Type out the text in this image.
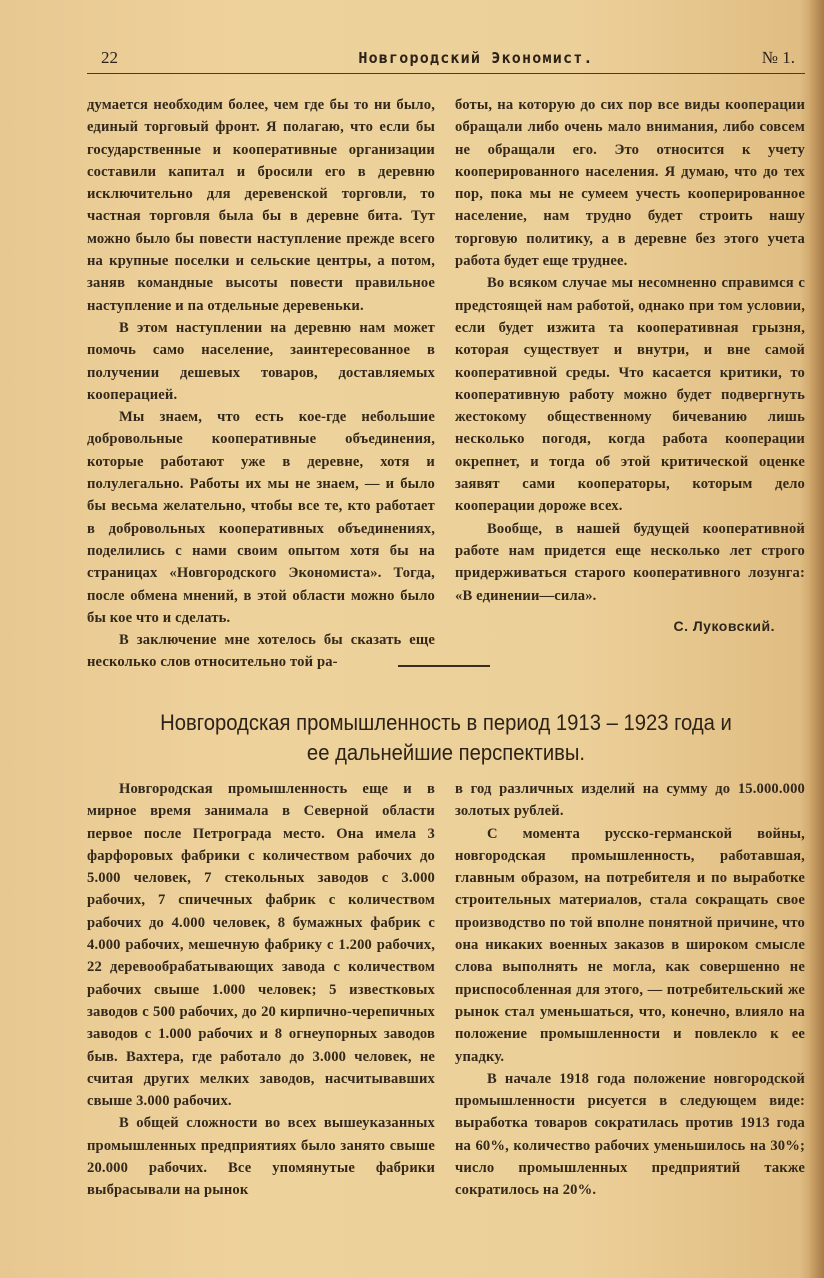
22	Новгородский Экономист.	№ 1.

думается необходим более, чем где бы то ни было, единый торговый фронт. Я полагаю, что если бы государственные и кооперативные организации составили капитал и бросили его в деревню исключительно для деревенской торговли, то частная торговля была бы в деревне бита. Тут можно было бы повести наступление прежде всего на крупные поселки и сельские центры, а потом, заняв командные высоты повести правильное наступление и па отдельные деревеньки.

В этом наступлении на деревню нам может помочь само население, заинтересованное в получении дешевых товаров, доставляемых кооперацией.

Мы знаем, что есть кое-где небольшие добровольные кооперативные объединения, которые работают уже в деревне, хотя и полулегально. Работы их мы не знаем, — и было бы весьма желательно, чтобы все те, кто работает в добровольных кооперативных объединениях, поделились с нами своим опытом хотя бы на страницах «Новгородского Экономиста». Тогда, после обмена мнений, в этой области можно было бы кое что и сделать.

В заключение мне хотелось бы сказать еще несколько слов относительно той ра-

боты, на которую до сих пор все виды кооперации обращали либо очень мало внимания, либо совсем не обращали его. Это относится к учету кооперированного населения. Я думаю, что до тех пор, пока мы не сумеем учесть кооперированное население, нам трудно будет строить нашу торговую политику, а в деревне без этого учета работа будет еще труднее.

Во всяком случае мы несомненно справимся с предстоящей нам работой, однако при том условии, если будет изжита та кооперативная грызня, которая существует и внутри, и вне самой кооперативной среды. Что касается критики, то кооперативную работу можно будет подвергнуть жестокому общественному бичеванию лишь несколько погодя, когда работа кооперации окрепнет, и тогда об этой критической оценке заявят сами кооператоры, которым дело кооперации дороже всех.

Вообще, в нашей будущей кооперативной работе нам придется еще несколько лет строго придерживаться старого кооперативного лозунга: «В единении—сила».

С. Луковский.
Новгородская промышленность в период 1913 – 1923 года и
ее дальнейшие перспективы.

Новгородская промышленность еще и в мирное время занимала в Северной области первое после Петрограда место. Она имела 3 фарфоровых фабрики с количеством рабочих до 5.000 человек, 7 стекольных заводов с 3.000 рабочих, 7 спичечных фабрик с количеством рабочих до 4.000 человек, 8 бумажных фабрик с 4.000 рабочих, мешечную фабрику с 1.200 рабочих, 22 деревообрабатывающих завода с количеством рабочих свыше 1.000 человек; 5 известковых заводов с 500 рабочих, до 20 кирпично-черепичных заводов с 1.000 рабочих и 8 огнеупорных заводов быв. Вахтера, где работало до 3.000 человек, не считая других мелких заводов, насчитывавших свыше 3.000 рабочих.

В общей сложности во всех вышеуказанных промышленных предприятиях было занято свыше 20.000 рабочих. Все упомянутые фабрики выбрасывали на рынок

в год различных изделий на сумму до 15.000.000 золотых рублей.

С момента русско-германской войны, новгородская промышленность, работавшая, главным образом, на потребителя и по выработке строительных материалов, стала сокращать свое производство по той вполне понятной причине, что она никаких военных заказов в широком смысле слова выполнять не могла, как совершенно не приспособленная для этого, — потребительский же рынок стал уменьшаться, что, конечно, влияло на положение промышленности и повлекло к ее упадку.

В начале 1918 года положение новгородской промышленности рисуется в следующем виде: выработка товаров сократилась против 1913 года на 60%, количество рабочих уменьшилось на 30%; число промышленных предприятий также сократилось на 20%.
